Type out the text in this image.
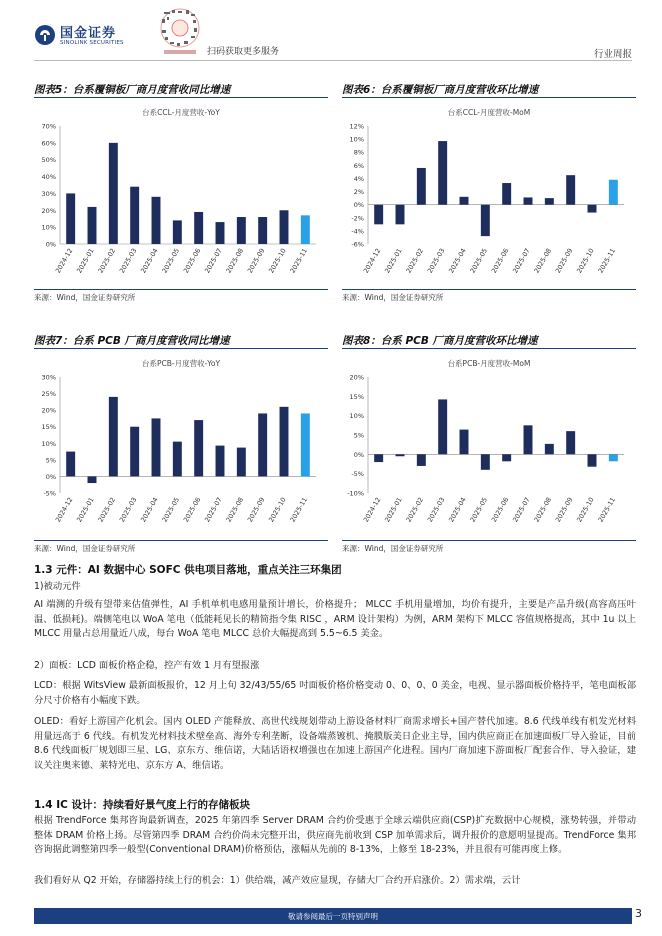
国金证券
SINOLINK SECURITIES
扫码获取更多服务	行业周报
图表5：台系覆铜板厂商月度营收同比增速
台系CCL-月度营收-YoY
0%
10%
20%
30%
40%
50%
60%
70%
2024-12 2025-01 2025-02 2025-03 2025-04 2025-05 2025-06 2025-07 2025-08 2025-09 2025-10 2025-11
来源：Wind，国金证券研究所
图表6：台系覆铜板厂商月度营收环比增速
台系CCL-月度营收-MoM
-6%
-4%
-2%
0%
2%
4%
6%
8%
10%
12%
2024-12 2025-01 2025-02 2025-03 2025-04 2025-05 2025-06 2025-07 2025-08 2025-09 2025-10 2025-11
来源：Wind，国金证券研究所
图表7：台系 PCB 厂商月度营收同比增速
台系PCB-月度营收-YoY
-5%
0%
5%
10%
15%
20%
25%
30%
2024-12 2025-01 2025-02 2025-03 2025-04 2025-05 2025-06 2025-07 2025-08 2025-09 2025-10 2025-11
来源：Wind，国金证券研究所
图表8：台系 PCB 厂商月度营收环比增速
台系PCB-月度营收-MoM
-10%
-5%
0%
5%
10%
15%
20%
2024-12 2025-01 2025-02 2025-03 2025-04 2025-05 2025-06 2025-07 2025-08 2025-09 2025-10 2025-11
来源：Wind，国金证券研究所
1.3 元件：AI 数据中心 SOFC 供电项目落地，重点关注三环集团
1)被动元件
AI 端测的升级有望带来估值弹性，AI 手机单机电感用量预计增长，价格提升； MLCC 手机用量增加，均价有提升，主要是产品升级(高容高压叶温、低损耗)。端侧笔电以 WoA 笔电（低能耗见长的精简指令集 RISC ，ARM 设计架构）为例，ARM 架构下 MLCC 容值规格提高，其中 1u 以上 MLCC 用量占总用量近八成，每台 WoA 笔电 MLCC 总价大幅提高到 5.5~6.5 美金。
2）面板：LCD 面板价格企稳，控产有效 1 月有望报涨
LCD：根据 WitsView 最新面板报价，12 月上旬 32/43/55/65 吋面板价格价格变动 0、0、0、0 美金，电视、显示器面板价格持平，笔电面板部分尺寸价格有小幅度下跌。
OLED：看好上游国产化机会。国内 OLED 产能释放、高世代线规划带动上游设备材料厂商需求增长+国产替代加速。8.6 代线单线有机发光材料用量远高于 6 代线。有机发光材料技术壁垒高、海外专利垄断，设备端蒸镀机、掩膜版美日企业主导，国内供应商正在加速面板厂导入验证，目前 8.6 代线面板厂规划即三星、LG、京东方、维信诺，大陆话语权增强也在加速上游国产化进程。国内厂商加速下游面板厂配套合作、导入验证，建议关注奥来德、莱特光电、京东方 A、维信诺。
1.4 IC 设计：持续看好景气度上行的存储板块
根据 TrendForce 集邦咨询最新调查，2025 年第四季 Server DRAM 合约价受惠于全球云端供应商(CSP)扩充数据中心规模，涨势转强，并带动整体 DRAM 价格上扬。尽管第四季 DRAM 合约价尚未完整开出，供应商先前收到 CSP 加单需求后，调升报价的意愿明显提高。TrendForce 集邦咨询据此调整第四季一般型(Conventional DRAM)价格预估，涨幅从先前的 8-13%，上修至 18-23%，并且很有可能再度上修。
我们看好从 Q2 开始，存储器持续上行的机会：1）供给端，减产效应显现，存储大厂合约开启涨价。2）需求端，云计
敬请参阅最后一页特别声明	3
